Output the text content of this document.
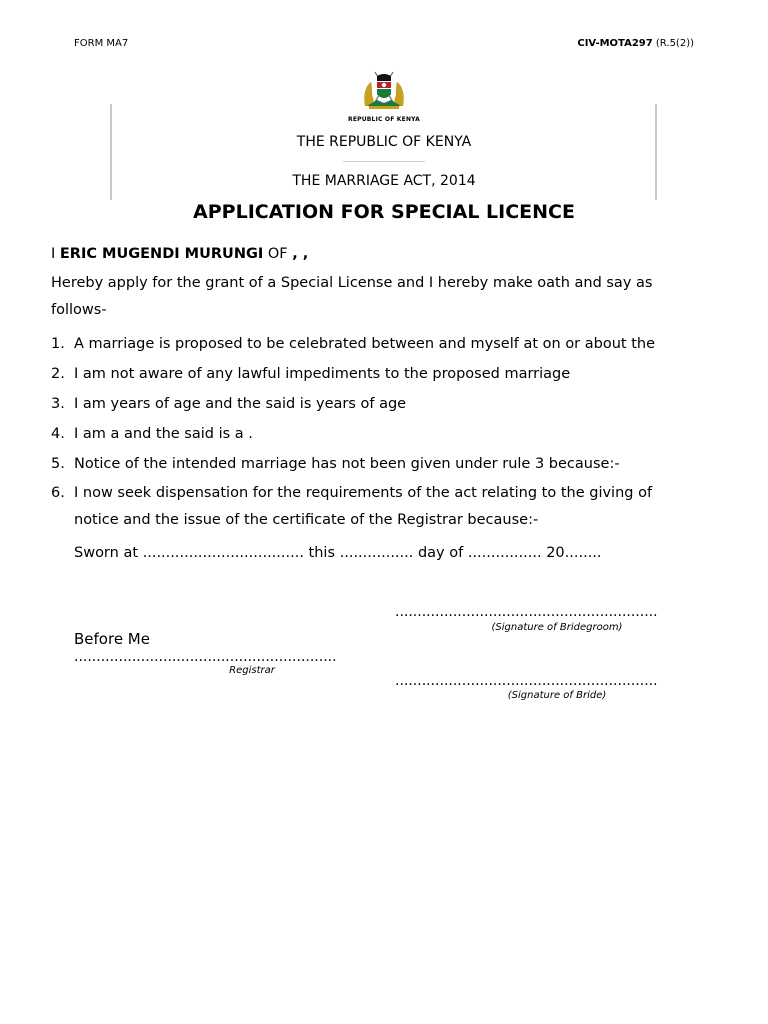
FORM MA7	CIV-MOTA297 (R.5(2))
REPUBLIC OF KENYA
THE REPUBLIC OF KENYA
THE MARRIAGE ACT, 2014
APPLICATION FOR SPECIAL LICENCE
I ERIC MUGENDI MURUNGI OF , ,
Hereby apply for the grant of a Special License and I hereby make oath and say as follows-
1. A marriage is proposed to be celebrated between and myself at on or about the
2. I am not aware of any lawful impediments to the proposed marriage
3. I am years of age and the said is years of age
4. I am a and the said is a .
5. Notice of the intended marriage has not been given under rule 3 because:-
6. I now seek dispensation for the requirements of the act relating to the giving of notice and the issue of the certificate of the Registrar because:-
Sworn at ................................... this ................ day of ................ 20........
...........................................................
(Signature of Bridegroom)
Before Me
...........................................................
Registrar
...........................................................
(Signature of Bride)
